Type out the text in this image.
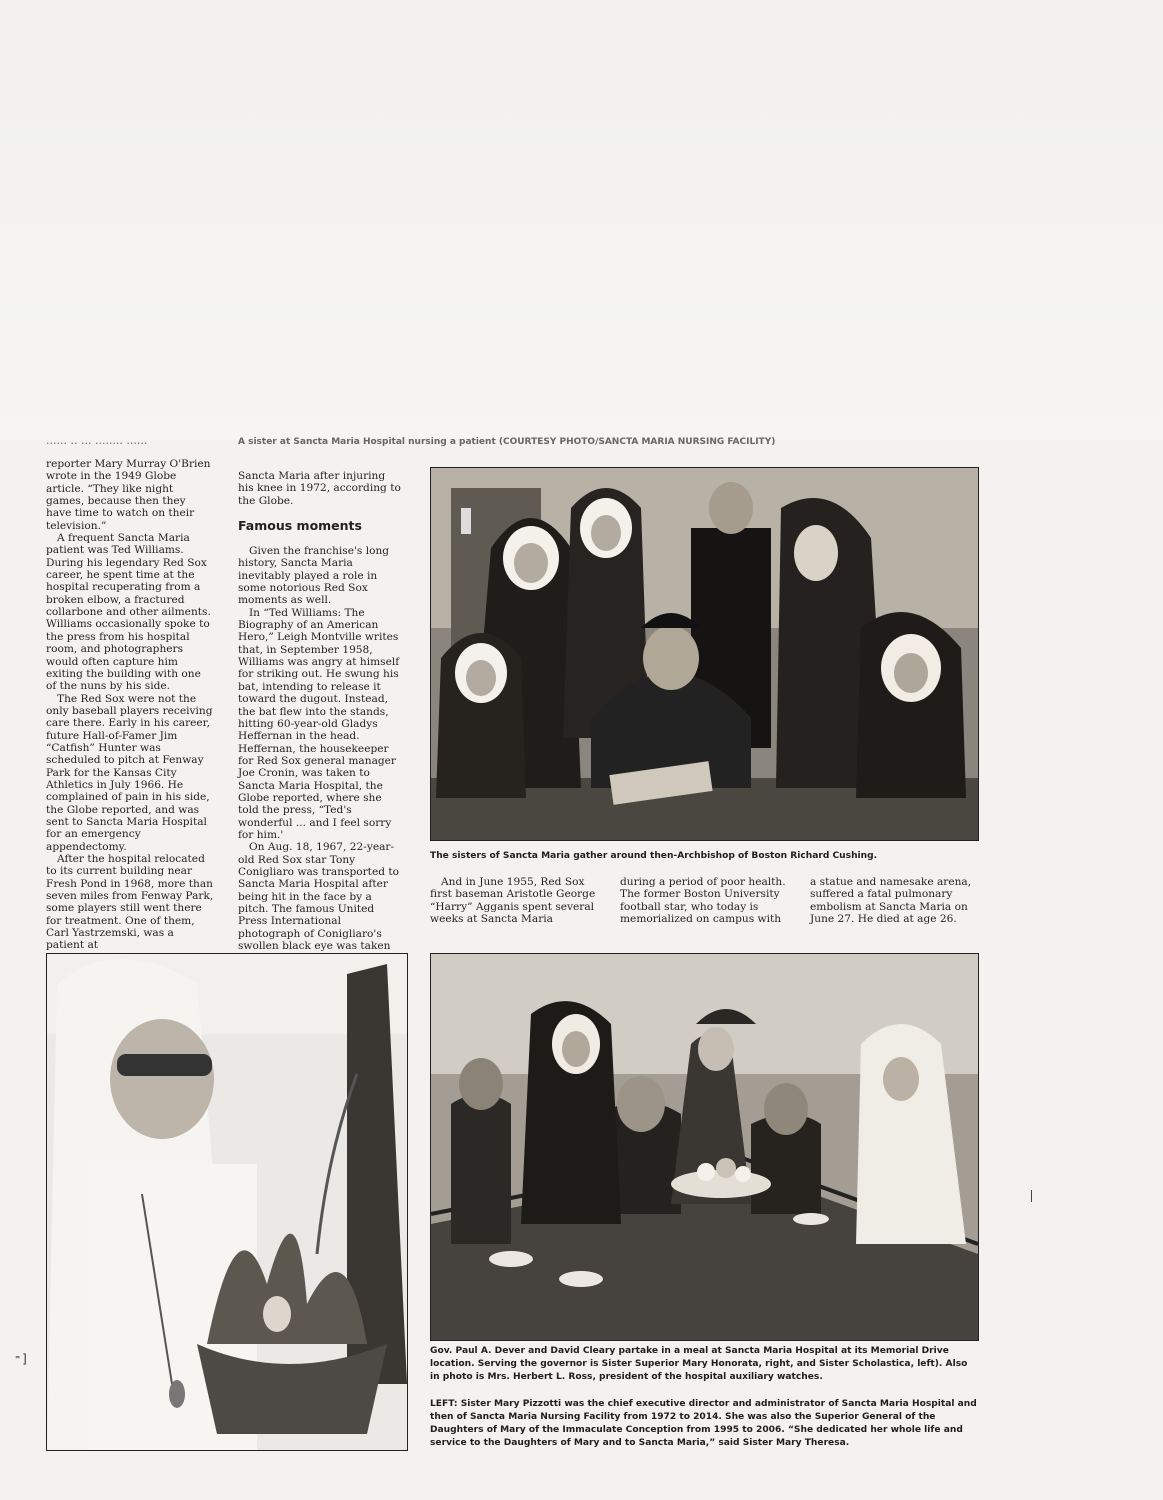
...... .. ... ........ ......	$^{A sister at Sancta Maria Hospital nursing a patient (COURTESY PHOTO/SANCTA MARIA NURSING FACILITY)}$

reporter Mary Murray O'Brien wrote in the 1949 Globe article. “They like night games, because then they have time to watch on their television.”

A frequent Sancta Maria patient was Ted Williams. During his legendary Red Sox career, he spent time at the hospital recuperating from a broken elbow, a fractured collarbone and other ailments. Williams occasionally spoke to the press from his hospital room, and photographers would often capture him exiting the building with one of the nuns by his side.

The Red Sox were not the only baseball players receiving care there. Early in his career, future Hall-of-Famer Jim “Catfish” Hunter was scheduled to pitch at Fenway Park for the Kansas City Athletics in July 1966. He complained of pain in his side, the Globe reported, and was sent to Sancta Maria Hospital for an emergency appendectomy.

After the hospital relocated to its current building near Fresh Pond in 1968, more than seven miles from Fenway Park, some players still went there for treatment. One of them, Carl Yastrzemski, was a patient at

Sancta Maria after injuring his knee in 1972, according to the Globe.

Famous moments

Given the franchise's long history, Sancta Maria inevitably played a role in some notorious Red Sox moments as well.

In “Ted Williams: The Biography of an American Hero,” Leigh Montville writes that, in September 1958, Williams was angry at himself for striking out. He swung his bat, intending to release it toward the dugout. Instead, the bat flew into the stands, hitting 60-year-old Gladys Heffernan in the head. Heffernan, the housekeeper for Red Sox general manager Joe Cronin, was taken to Sancta Maria Hospital, the Globe reported, where she told the press, “Ted's wonderful ... and I feel sorry for him.'

On Aug. 18, 1967, 22-year-old Red Sox star Tony Conigliaro was transported to Sancta Maria Hospital after being hit in the face by a pitch. The famous United Press International photograph of Conigliaro's swollen black eye was taken

The sisters of Sancta Maria gather around then-Archbishop of Boston Richard Cushing.

And in June 1955, Red Sox first baseman Aristotle George “Harry” Agganis spent several weeks at Sancta Maria

during a period of poor health. The former Boston University football star, who today is memorialized on campus with

a statue and namesake arena, suffered a fatal pulmonary embolism at Sancta Maria on June 27. He died at age 26.

Gov. Paul A. Dever and David Cleary partake in a meal at Sancta Maria Hospital at its Memorial Drive location. Serving the governor is Sister Superior Mary Honorata, right, and Sister Scholastica, left). Also in photo is Mrs. Herbert L. Ross, president of the hospital auxiliary watches.
LEFT: Sister Mary Pizzotti was the chief executive director and administrator of Sancta Maria Hospital and then of Sancta Maria Nursing Facility from 1972 to 2014. She was also the Superior General of the Daughters of Mary of the Immaculate Conception from 1995 to 2006. “She dedicated her whole life and service to the Daughters of Mary and to Sancta Maria,” said Sister Mary Theresa.
⁼]
